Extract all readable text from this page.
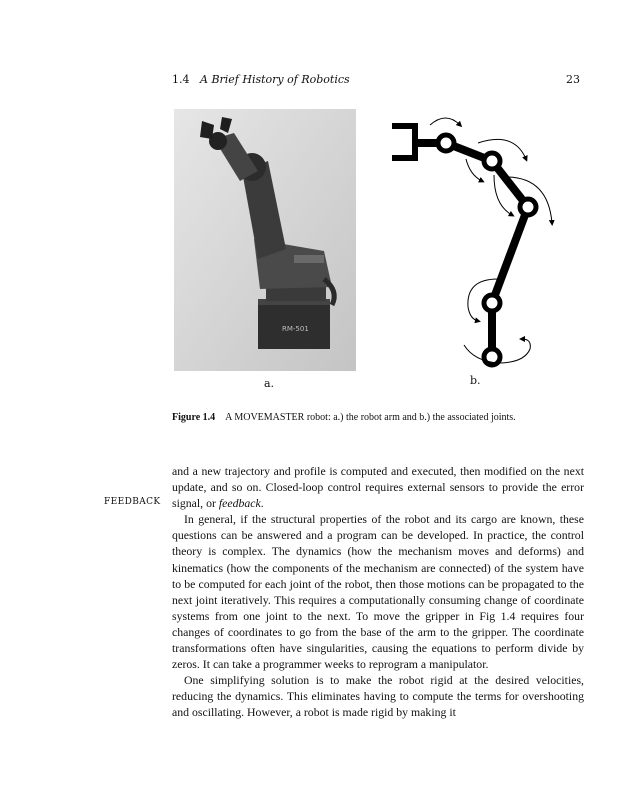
1.4 A Brief History of Robotics	23
RM-501
a.	b.
Figure 1.4 A MOVEMASTER robot: a.) the robot arm and b.) the associated joints.
FEEDBACK

and a new trajectory and profile is computed and executed, then modified on the next update, and so on. Closed-loop control requires external sensors to provide the error signal, or feedback.

In general, if the structural properties of the robot and its cargo are known, these questions can be answered and a program can be developed. In practice, the control theory is complex. The dynamics (how the mechanism moves and deforms) and kinematics (how the components of the mechanism are connected) of the system have to be computed for each joint of the robot, then those motions can be propagated to the next joint iteratively. This requires a computationally consuming change of coordinate systems from one joint to the next. To move the gripper in Fig 1.4 requires four changes of coordinates to go from the base of the arm to the gripper. The coordinate transformations often have singularities, causing the equations to perform divide by zeros. It can take a programmer weeks to reprogram a manipulator.

One simplifying solution is to make the robot rigid at the desired velocities, reducing the dynamics. This eliminates having to compute the terms for overshooting and oscillating. However, a robot is made rigid by making it
